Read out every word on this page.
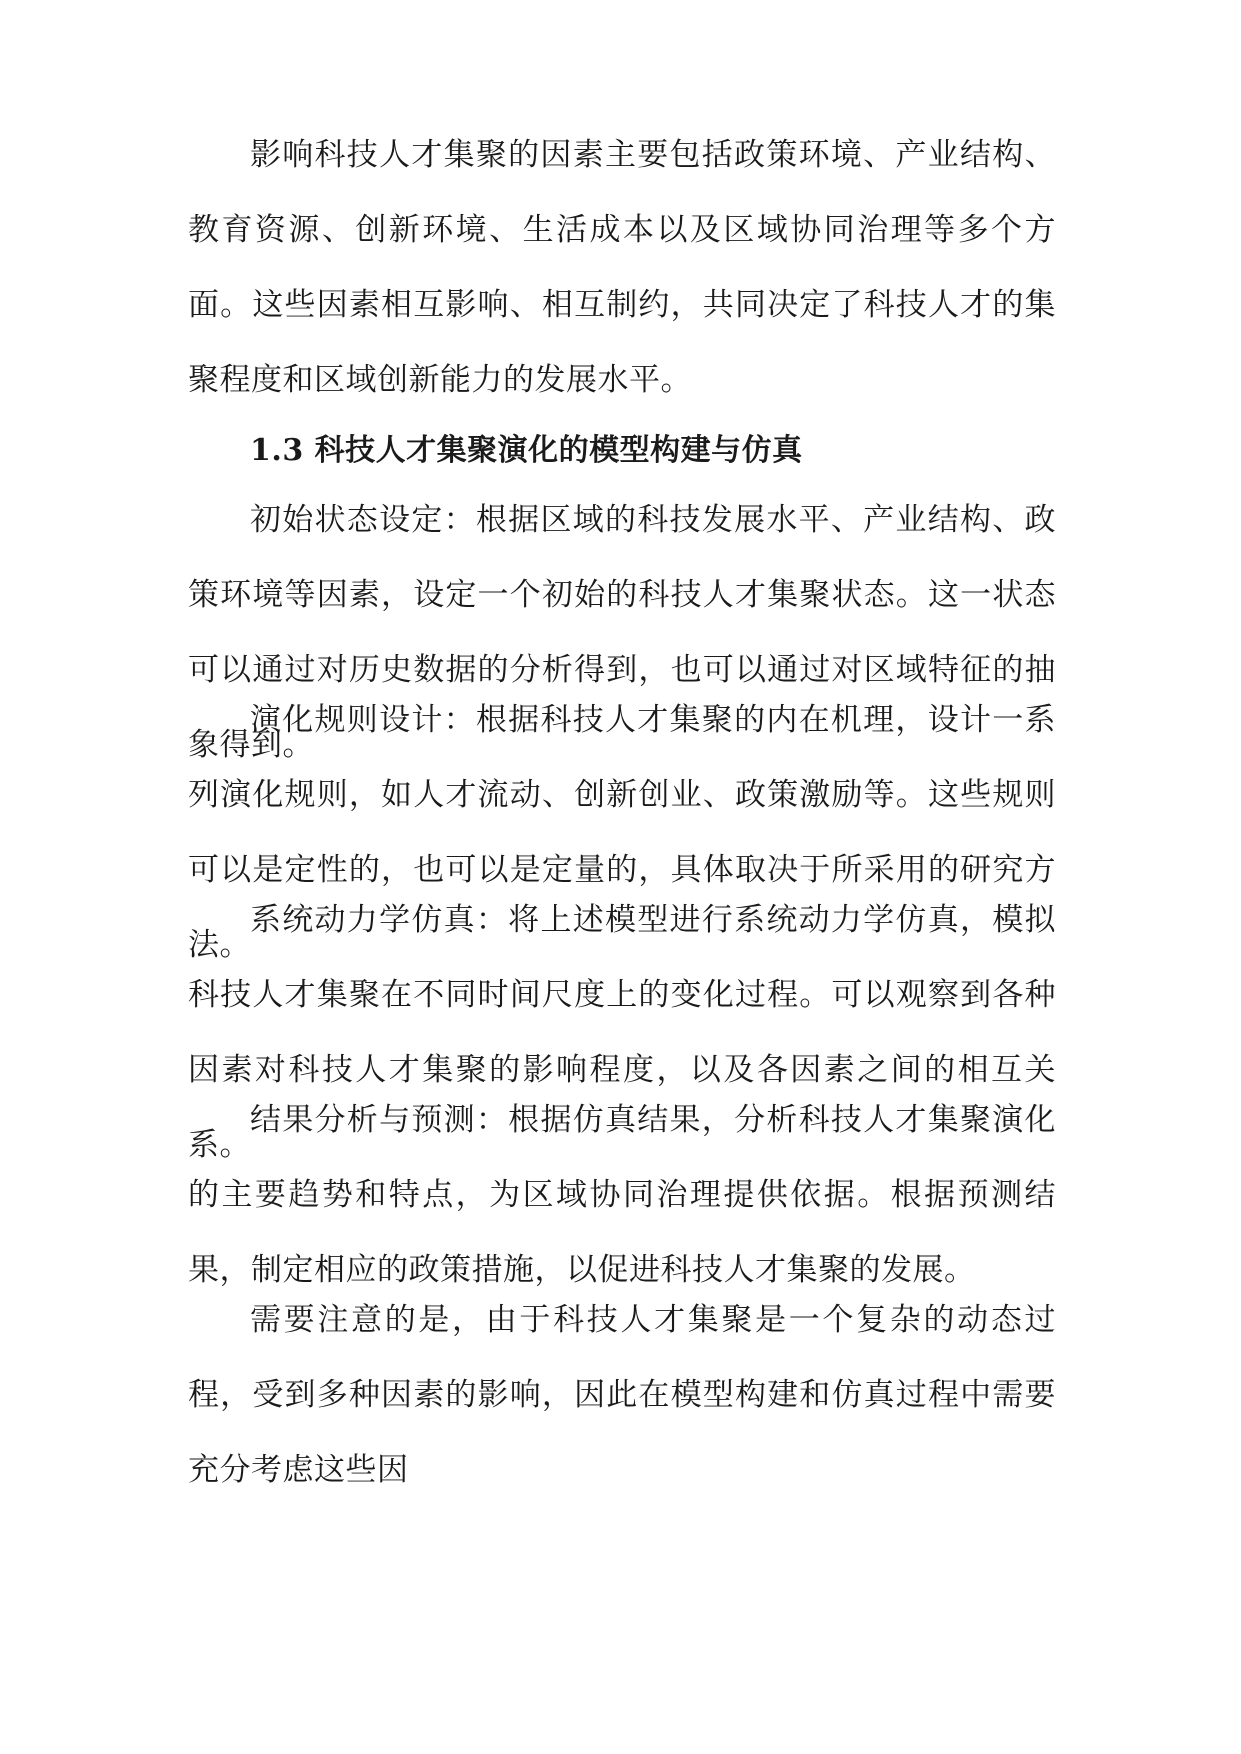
影响科技人才集聚的因素主要包括政策环境、产业结构、教育资源、创新环境、生活成本以及区域协同治理等多个方面。这些因素相互影响、相互制约，共同决定了科技人才的集聚程度和区域创新能力的发展水平。

1.3 科技人才集聚演化的模型构建与仿真

初始状态设定：根据区域的科技发展水平、产业结构、政策环境等因素，设定一个初始的科技人才集聚状态。这一状态可以通过对历史数据的分析得到，也可以通过对区域特征的抽象得到。

演化规则设计：根据科技人才集聚的内在机理，设计一系列演化规则，如人才流动、创新创业、政策激励等。这些规则可以是定性的，也可以是定量的，具体取决于所采用的研究方法。

系统动力学仿真：将上述模型进行系统动力学仿真，模拟科技人才集聚在不同时间尺度上的变化过程。可以观察到各种因素对科技人才集聚的影响程度，以及各因素之间的相互关系。

结果分析与预测：根据仿真结果，分析科技人才集聚演化的主要趋势和特点，为区域协同治理提供依据。根据预测结果，制定相应的政策措施，以促进科技人才集聚的发展。

需要注意的是，由于科技人才集聚是一个复杂的动态过程，受到多种因素的影响，因此在模型构建和仿真过程中需要充分考虑这些因
